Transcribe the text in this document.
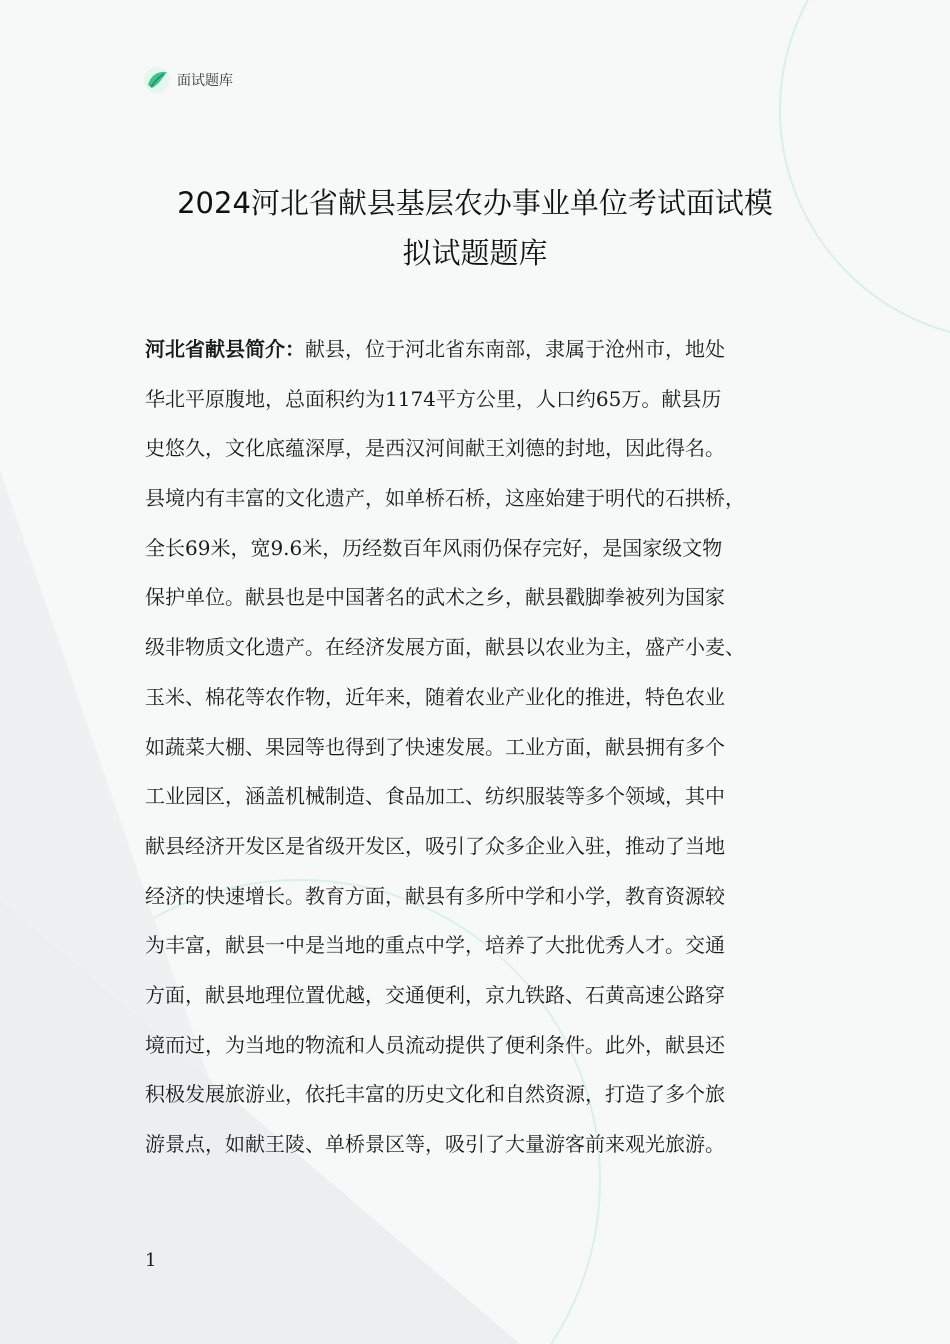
面试题库
2024河北省献县基层农办事业单位考试面试模
拟试题题库
河北省献县简介：献县，位于河北省东南部，隶属于沧州市，地处
华北平原腹地，总面积约为1174平方公里，人口约65万。献县历
史悠久，文化底蕴深厚，是西汉河间献王刘德的封地，因此得名。
县境内有丰富的文化遗产，如单桥石桥，这座始建于明代的石拱桥，
全长69米，宽9.6米，历经数百年风雨仍保存完好，是国家级文物
保护单位。献县也是中国著名的武术之乡，献县戳脚拳被列为国家
级非物质文化遗产。在经济发展方面，献县以农业为主，盛产小麦、
玉米、棉花等农作物，近年来，随着农业产业化的推进，特色农业
如蔬菜大棚、果园等也得到了快速发展。工业方面，献县拥有多个
工业园区，涵盖机械制造、食品加工、纺织服装等多个领域，其中
献县经济开发区是省级开发区，吸引了众多企业入驻，推动了当地
经济的快速增长。教育方面，献县有多所中学和小学，教育资源较
为丰富，献县一中是当地的重点中学，培养了大批优秀人才。交通
方面，献县地理位置优越，交通便利，京九铁路、石黄高速公路穿
境而过，为当地的物流和人员流动提供了便利条件。此外，献县还
积极发展旅游业，依托丰富的历史文化和自然资源，打造了多个旅
游景点，如献王陵、单桥景区等，吸引了大量游客前来观光旅游。
1
